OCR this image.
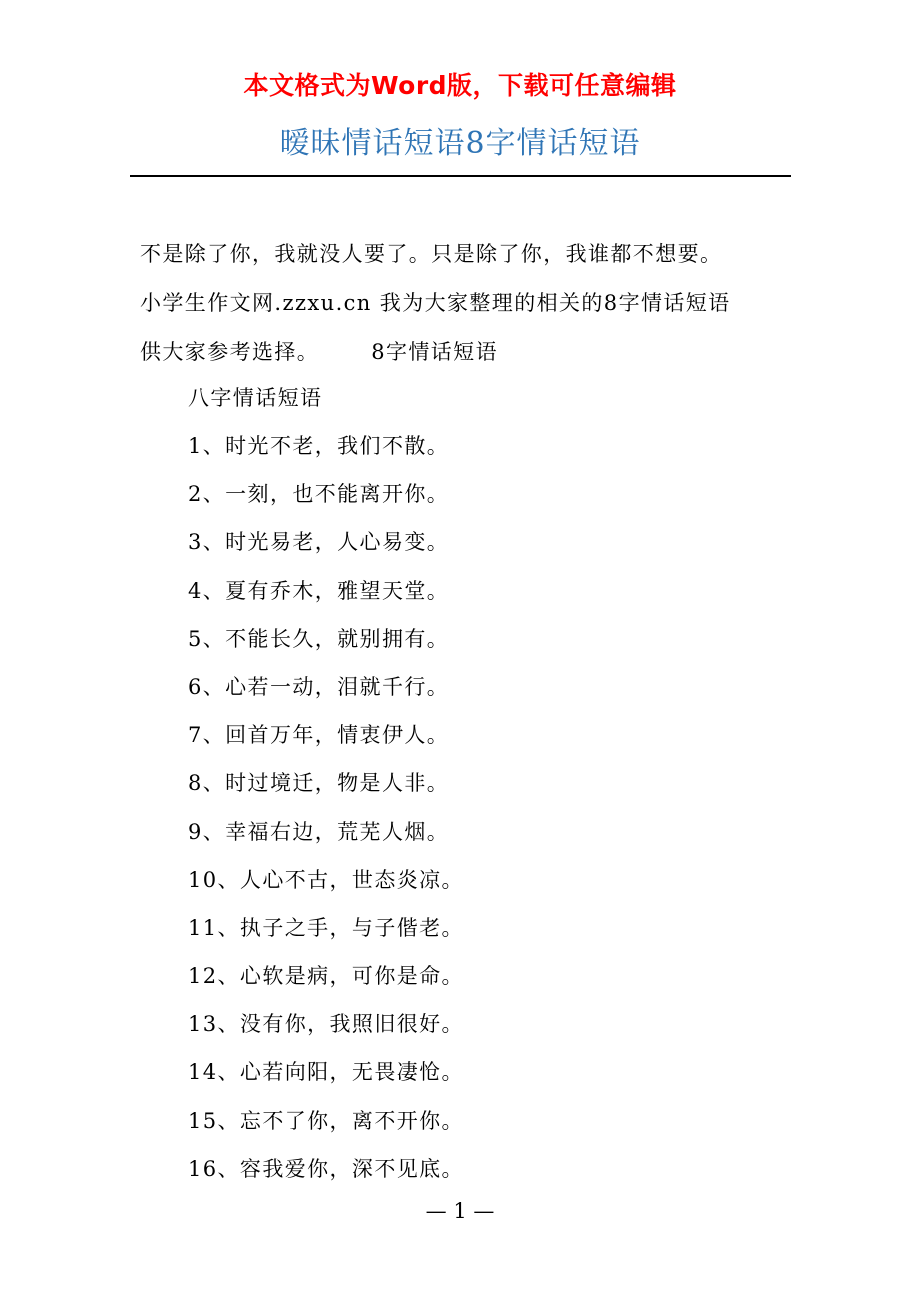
本文格式为Word版，下载可任意编辑
暧昧情话短语8字情话短语

不是除了你，我就没人要了。只是除了你，我谁都不想要。

小学生作文网.zzxu.cn 我为大家整理的相关的8字情话短语

供大家参考选择。 8字情话短语

八字情话短语

1、时光不老，我们不散。
2、一刻，也不能离开你。
3、时光易老，人心易变。
4、夏有乔木，雅望天堂。
5、不能长久，就别拥有。
6、心若一动，泪就千行。
7、回首万年，情衷伊人。
8、时过境迁，物是人非。
9、幸福右边，荒芜人烟。
10、人心不古，世态炎凉。
11、执子之手，与子偕老。
12、心软是病，可你是命。
13、没有你，我照旧很好。
14、心若向阳，无畏凄怆。
15、忘不了你，离不开你。
16、容我爱你，深不见底。
— 1 —
